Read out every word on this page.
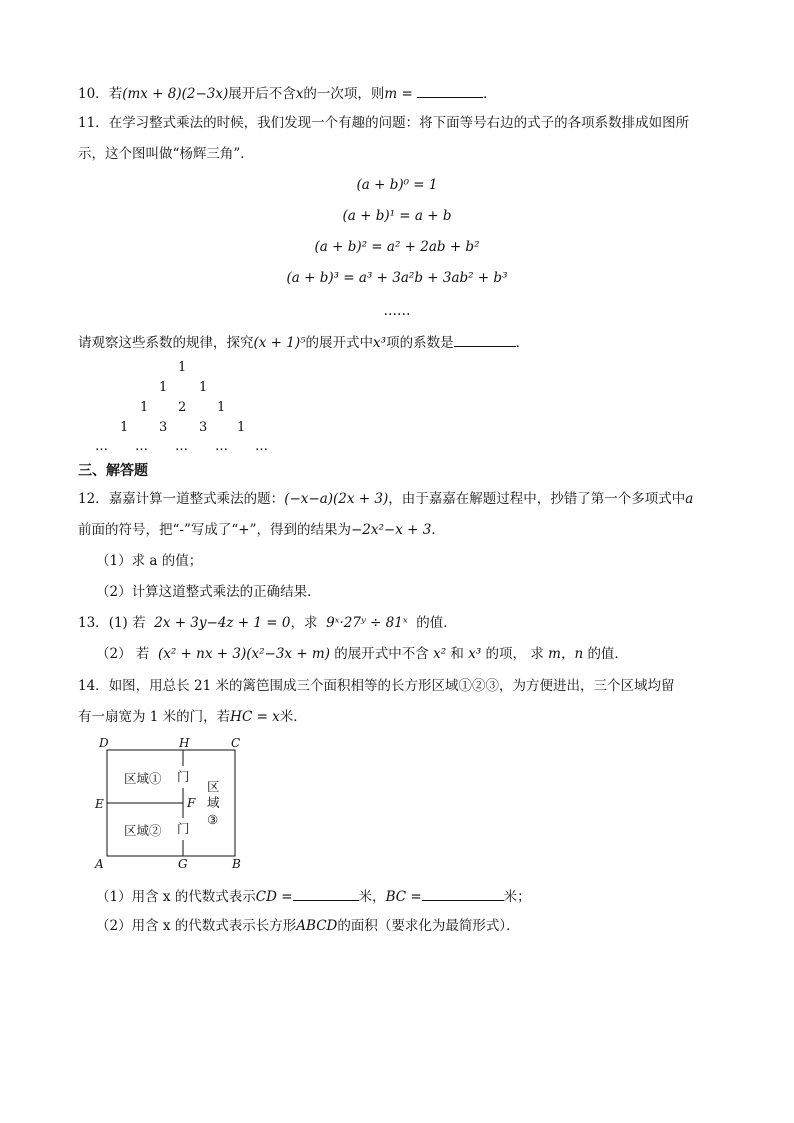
10．若(mx + 8)(2−3x)展开后不含x的一次项，则m =	．
11．在学习整式乘法的时候，我们发现一个有趣的问题：将下面等号右边的式子的各项系数排成如图所
示，这个图叫做“杨辉三角”．
(a + b)⁰ = 1
(a + b)¹ = a + b
(a + b)² = a² + 2ab + b²
(a + b)³ = a³ + 3a²b + 3ab² + b³
……
请观察这些系数的规律，探究(x + 1)⁵的展开式中x³项的系数是	．
1
1 1
1 2 1
1 3 3 1
… … … … …
三、解答题
12．嘉嘉计算一道整式乘法的题：(−x−a)(2x + 3)，由于嘉嘉在解题过程中，抄错了第一个多项式中a
前面的符号，把“-”写成了“+”，得到的结果为−2x²−x + 3．
（1）求 a 的值；
（2）计算这道整式乘法的正确结果．
13．(1) 若 2x + 3y−4z + 1 = 0，求 9ˣ·27ʸ ÷ 81ˣ 的值．
（2） 若 (x² + nx + 3)(x²−3x + m) 的展开式中不含 x² 和 x³ 的项， 求 m，n 的值．
14．如图，用总长 21 米的篱笆围成三个面积相等的长方形区域①②③，为方便进出，三个区域均留
有一扇宽为 1 米的门，若HC = x米．
D	H	C
E	F
A	G	B
区域①
区域②
区
域
③
门
门
（1）用含 x 的代数式表示CD =	米，BC =	米；
（2）用含 x 的代数式表示长方形ABCD的面积（要求化为最简形式）．
